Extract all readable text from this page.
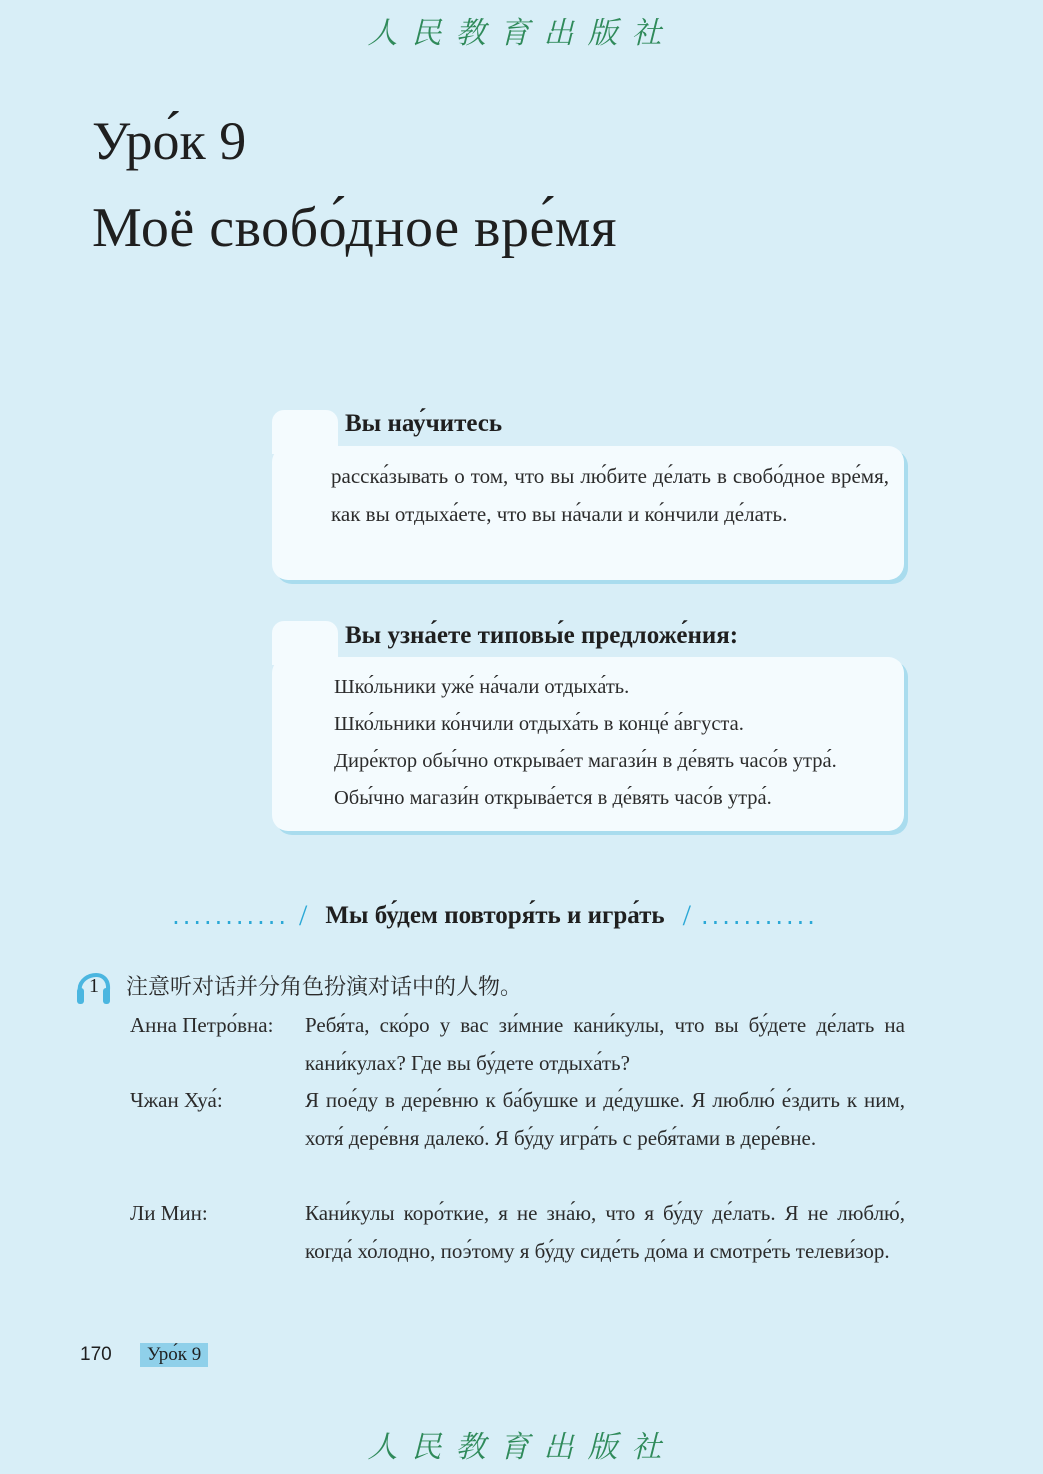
人民教育出版社
Уро́к 9
Моё свобо́дное вре́мя
Вы нау́читесь
расска́зывать о том, что вы лю́бите де́лать в свобо́дное вре́мя, как вы отдыха́ете, что вы на́чали и ко́нчили де́лать.
Вы узна́ете типовы́е предложе́ния:
Шко́льники уже́ на́чали отдыха́ть.
Шко́льники ко́нчили отдыха́ть в конце́ а́вгуста.
Дире́ктор обы́чно открыва́ет магази́н в де́вять часо́в утра́.
Обы́чно магази́н открыва́ется в де́вять часо́в утра́.
........... / Мы бу́дем повторя́ть и игра́ть / ...........
1 注意听对话并分角色扮演对话中的人物。
Анна Петро́вна: Ребя́та, ско́ро у вас зи́мние кани́кулы, что вы бу́дете де́лать на кани́кулах? Где вы бу́дете отдыха́ть?
Чжан Хуа́:	Я пое́ду в дере́вню к ба́бушке и де́душке. Я люблю́ е́здить к ним, хотя́ дере́вня далеко́. Я бу́ду игра́ть с ребя́тами в дере́вне.
Ли Мин:	Кани́кулы коро́ткие, я не зна́ю, что я бу́ду де́лать. Я не люблю́, когда́ хо́лодно, поэ́тому я бу́ду сиде́ть до́ма и смотре́ть телеви́зор.
170	Уро́к 9
人民教育出版社
